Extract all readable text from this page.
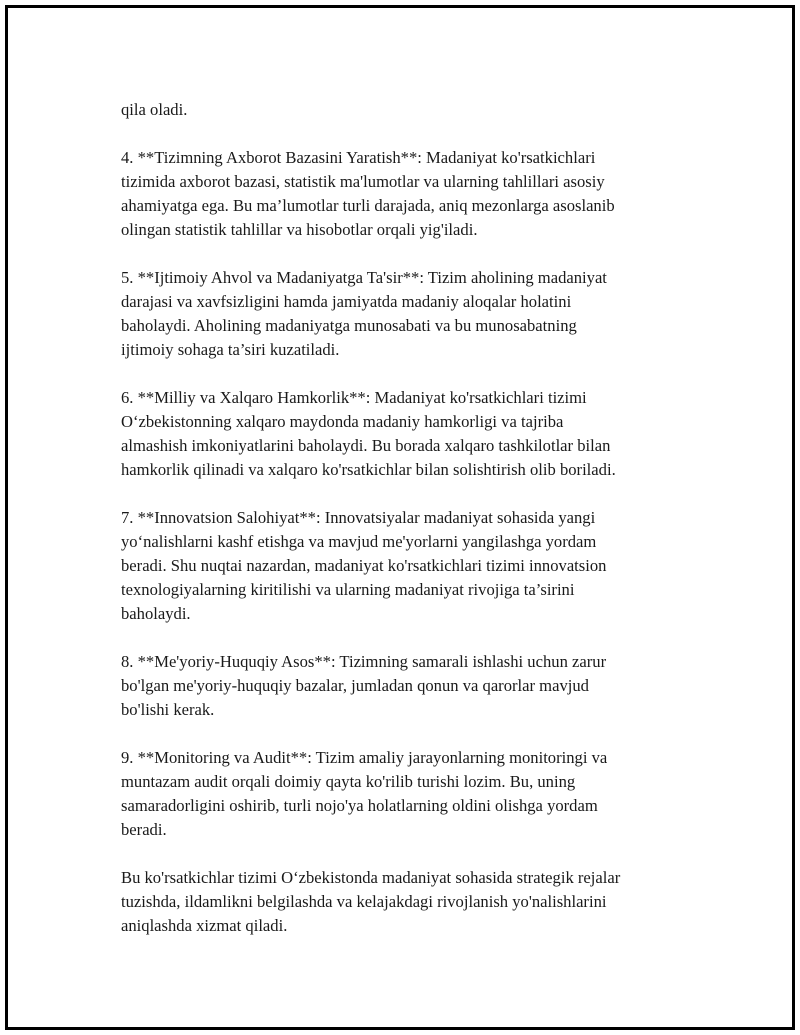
qila oladi.

4. **Tizimning Axborot Bazasini Yaratish**: Madaniyat ko'rsatkichlari
tizimida axborot bazasi, statistik ma'lumotlar va ularning tahlillari asosiy
ahamiyatga ega. Bu ma’lumotlar turli darajada, aniq mezonlarga asoslanib
olingan statistik tahlillar va hisobotlar orqali yig'iladi.

5. **Ijtimoiy Ahvol va Madaniyatga Ta'sir**: Tizim aholining madaniyat
darajasi va xavfsizligini hamda jamiyatda madaniy aloqalar holatini
baholaydi. Aholining madaniyatga munosabati va bu munosabatning
ijtimoiy sohaga ta’siri kuzatiladi.

6. **Milliy va Xalqaro Hamkorlik**: Madaniyat ko'rsatkichlari tizimi
O‘zbekistonning xalqaro maydonda madaniy hamkorligi va tajriba
almashish imkoniyatlarini baholaydi. Bu borada xalqaro tashkilotlar bilan
hamkorlik qilinadi va xalqaro ko'rsatkichlar bilan solishtirish olib boriladi.

7. **Innovatsion Salohiyat**: Innovatsiyalar madaniyat sohasida yangi
yo‘nalishlarni kashf etishga va mavjud me'yorlarni yangilashga yordam
beradi. Shu nuqtai nazardan, madaniyat ko'rsatkichlari tizimi innovatsion
texnologiyalarning kiritilishi va ularning madaniyat rivojiga ta’sirini
baholaydi.

8. **Me'yoriy-Huquqiy Asos**: Tizimning samarali ishlashi uchun zarur
bo'lgan me'yoriy-huquqiy bazalar, jumladan qonun va qarorlar mavjud
bo'lishi kerak.

9. **Monitoring va Audit**: Tizim amaliy jarayonlarning monitoringi va
muntazam audit orqali doimiy qayta ko'rilib turishi lozim. Bu, uning
samaradorligini oshirib, turli nojo'ya holatlarning oldini olishga yordam
beradi.

Bu ko'rsatkichlar tizimi O‘zbekistonda madaniyat sohasida strategik rejalar
tuzishda, ildamlikni belgilashda va kelajakdagi rivojlanish yo'nalishlarini
aniqlashda xizmat qiladi.
